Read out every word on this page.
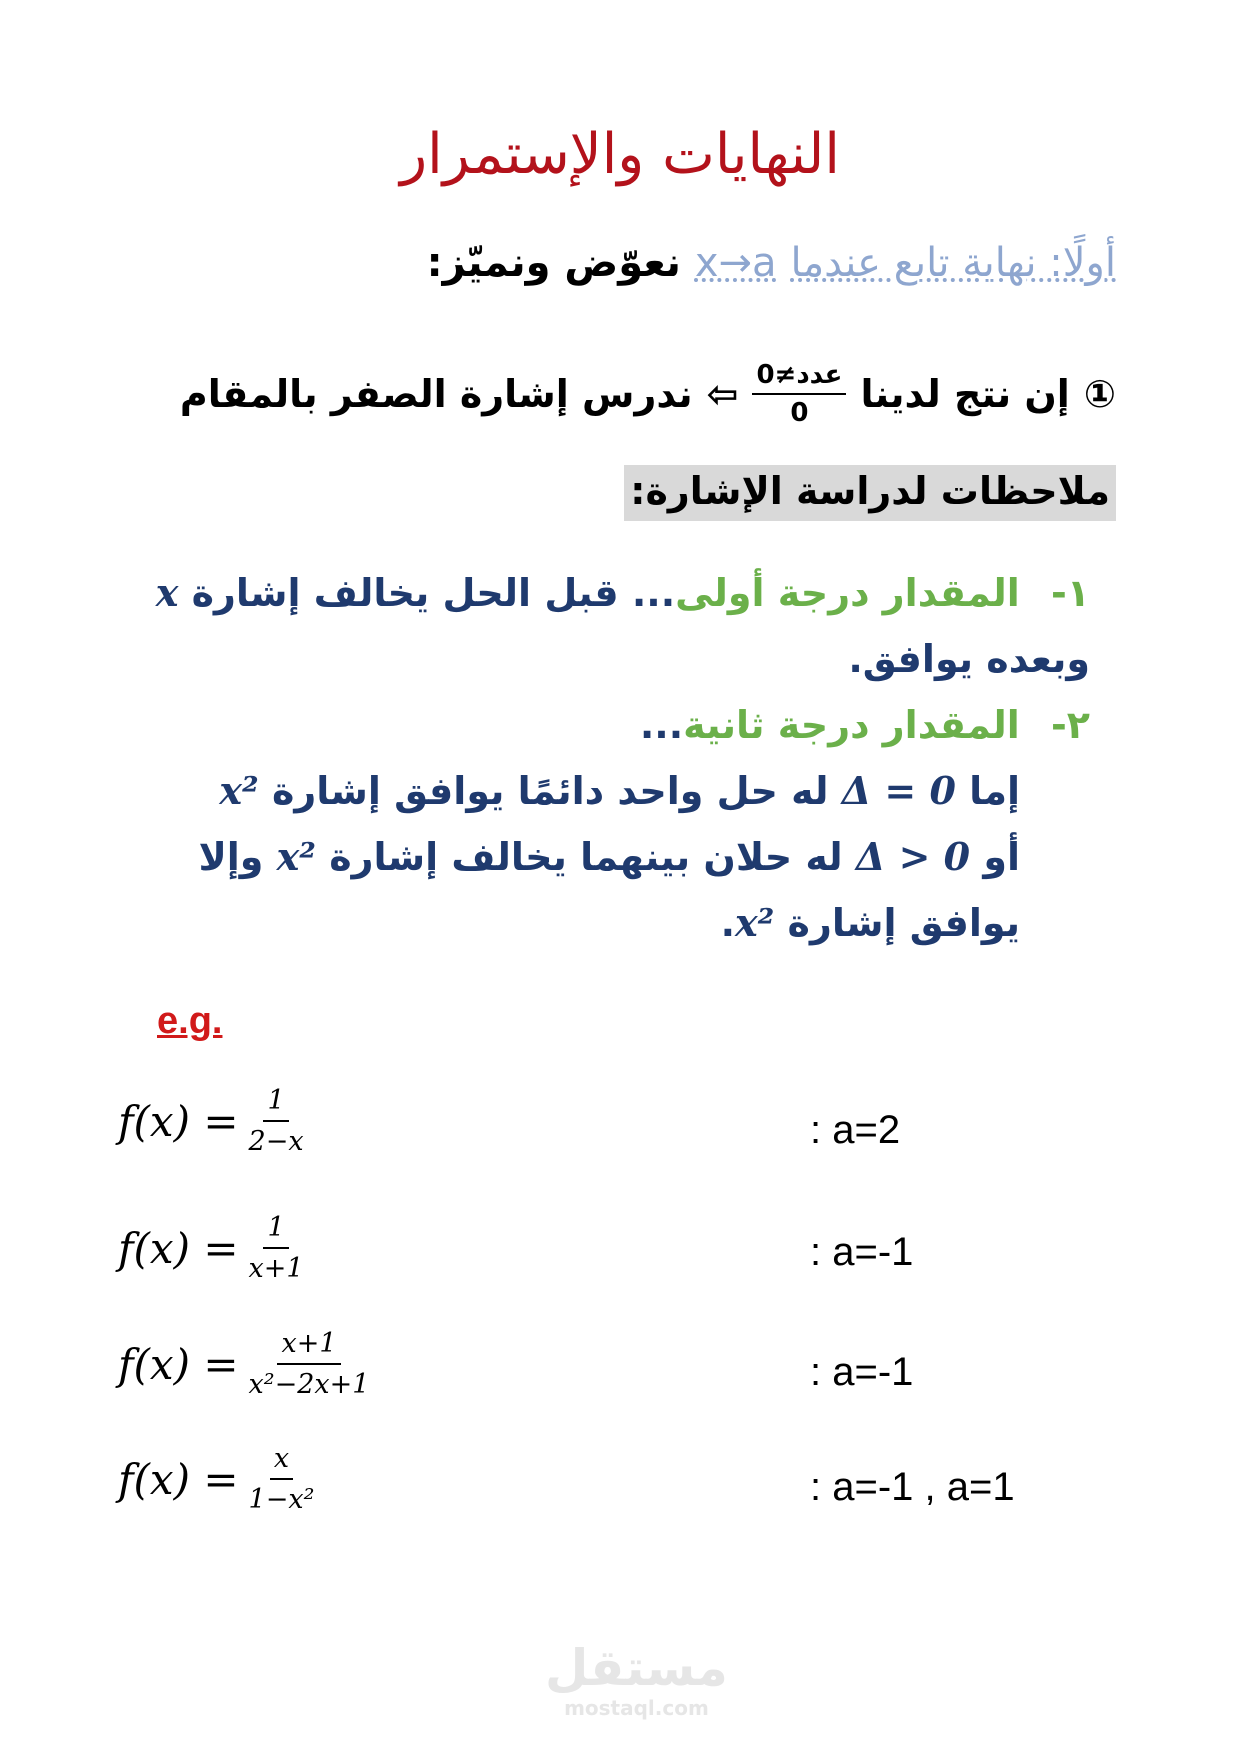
النهايات والإستمرار
أولًا: نهاية تابع عندما x→a نعوّض ونميّز:
①
إن نتج لدينا
$\frac{\text{عدد≠0}}{0}$
⇦
ندرس إشارة الصفر بالمقام
ملاحظات لدراسة الإشارة:

١- المقدار درجة أولى... قبل الحل يخالف إشارة x وبعده يوافق.

٢- المقدار درجة ثانية...

إما Δ = 0 له حل واحد دائمًا يوافق إشارة x²

أو Δ > 0 له حلان بينهما يخالف إشارة x² وإلا يوافق إشارة x².

e.g.
$f(x) = \frac{1}{2-x}$	: a=2
$f(x) = \frac{1}{x+1}$	: a=-1
$f(x) = \frac{x+1}{\text{x²−2x+1}}$	: a=-1
$f(x) = \frac{x}{\text{1−x²}}$	: a=-1 , a=1
مستقل
mostaql.com
